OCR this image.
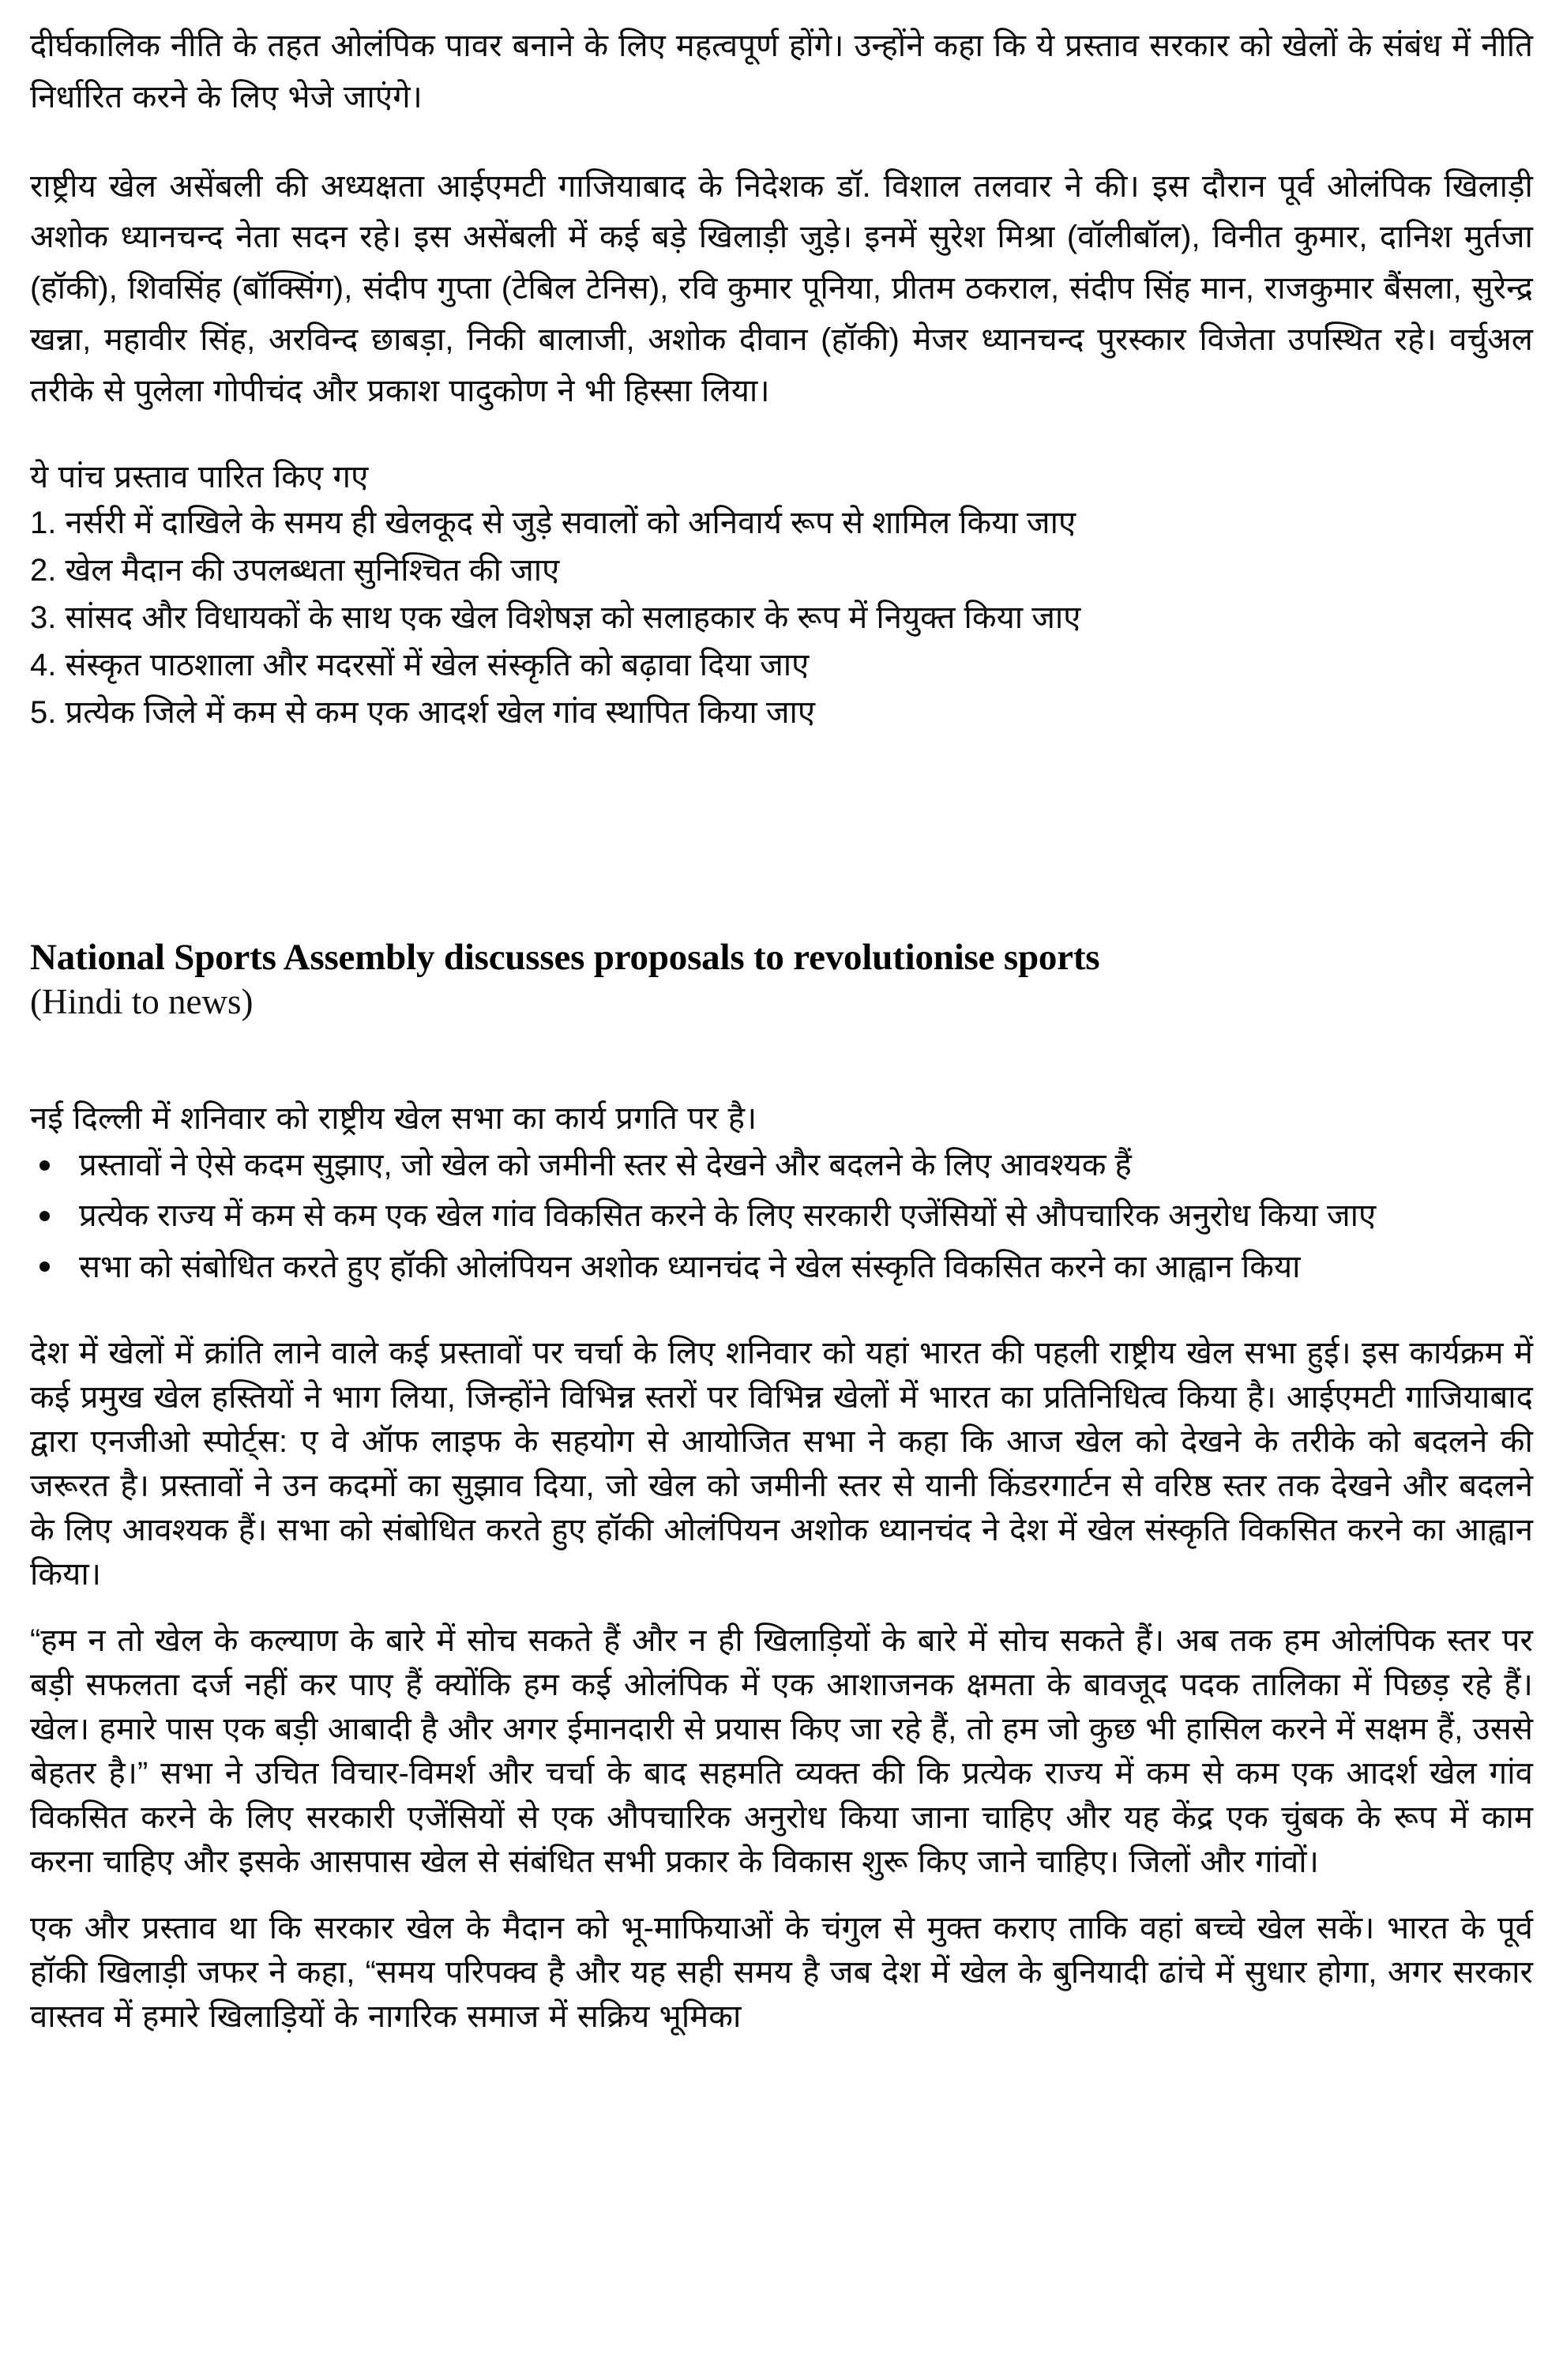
दीर्घकालिक नीति के तहत ओलंपिक पावर बनाने के लिए महत्वपूर्ण होंगे। उन्होंने कहा कि ये प्रस्ताव सरकार को खेलों के संबंध में नीति निर्धारित करने के लिए भेजे जाएंगे।

राष्ट्रीय खेल असेंबली की अध्यक्षता आईएमटी गाजियाबाद के निदेशक डॉ. विशाल तलवार ने की। इस दौरान पूर्व ओलंपिक खिलाड़ी अशोक ध्यानचन्द नेता सदन रहे। इस असेंबली में कई बड़े खिलाड़ी जुड़े। इनमें सुरेश मिश्रा (वॉलीबॉल), विनीत कुमार, दानिश मुर्तजा (हॉकी), शिवसिंह (बॉक्सिंग), संदीप गुप्ता (टेबिल टेनिस), रवि कुमार पूनिया, प्रीतम ठकराल, संदीप सिंह मान, राजकुमार बैंसला, सुरेन्द्र खन्ना, महावीर सिंह, अरविन्द छाबड़ा, निकी बालाजी, अशोक दीवान (हॉकी) मेजर ध्यानचन्द पुरस्कार विजेता उपस्थित रहे। वर्चुअल तरीके से पुलेला गोपीचंद और प्रकाश पादुकोण ने भी हिस्सा लिया।

ये पांच प्रस्ताव पारित किए गए

1. नर्सरी में दाखिले के समय ही खेलकूद से जुड़े सवालों को अनिवार्य रूप से शामिल किया जाए
2. खेल मैदान की उपलब्धता सुनिश्चित की जाए
3. सांसद और विधायकों के साथ एक खेल विशेषज्ञ को सलाहकार के रूप में नियुक्त किया जाए
4. संस्कृत पाठशाला और मदरसों में खेल संस्कृति को बढ़ावा दिया जाए
5. प्रत्येक जिले में कम से कम एक आदर्श खेल गांव स्थापित किया जाए
National Sports Assembly discusses proposals to revolutionise sports
(Hindi to news)

नई दिल्ली में शनिवार को राष्ट्रीय खेल सभा का कार्य प्रगति पर है।

प्रस्तावों ने ऐसे कदम सुझाए, जो खेल को जमीनी स्तर से देखने और बदलने के लिए आवश्यक हैं
प्रत्येक राज्य में कम से कम एक खेल गांव विकसित करने के लिए सरकारी एजेंसियों से औपचारिक अनुरोध किया जाए
सभा को संबोधित करते हुए हॉकी ओलंपियन अशोक ध्यानचंद ने खेल संस्कृति विकसित करने का आह्वान किया

देश में खेलों में क्रांति लाने वाले कई प्रस्तावों पर चर्चा के लिए शनिवार को यहां भारत की पहली राष्ट्रीय खेल सभा हुई। इस कार्यक्रम में कई प्रमुख खेल हस्तियों ने भाग लिया, जिन्होंने विभिन्न स्तरों पर विभिन्न खेलों में भारत का प्रतिनिधित्व किया है। आईएमटी गाजियाबाद द्वारा एनजीओ स्पोर्ट्स: ए वे ऑफ लाइफ के सहयोग से आयोजित सभा ने कहा कि आज खेल को देखने के तरीके को बदलने की जरूरत है। प्रस्तावों ने उन कदमों का सुझाव दिया, जो खेल को जमीनी स्तर से यानी किंडरगार्टन से वरिष्ठ स्तर तक देखने और बदलने के लिए आवश्यक हैं। सभा को संबोधित करते हुए हॉकी ओलंपियन अशोक ध्यानचंद ने देश में खेल संस्कृति विकसित करने का आह्वान किया।

“हम न तो खेल के कल्याण के बारे में सोच सकते हैं और न ही खिलाड़ियों के बारे में सोच सकते हैं। अब तक हम ओलंपिक स्तर पर बड़ी सफलता दर्ज नहीं कर पाए हैं क्योंकि हम कई ओलंपिक में एक आशाजनक क्षमता के बावजूद पदक तालिका में पिछड़ रहे हैं। खेल। हमारे पास एक बड़ी आबादी है और अगर ईमानदारी से प्रयास किए जा रहे हैं, तो हम जो कुछ भी हासिल करने में सक्षम हैं, उससे बेहतर है।” सभा ने उचित विचार-विमर्श और चर्चा के बाद सहमति व्यक्त की कि प्रत्येक राज्य में कम से कम एक आदर्श खेल गांव विकसित करने के लिए सरकारी एजेंसियों से एक औपचारिक अनुरोध किया जाना चाहिए और यह केंद्र एक चुंबक के रूप में काम करना चाहिए और इसके आसपास खेल से संबंधित सभी प्रकार के विकास शुरू किए जाने चाहिए। जिलों और गांवों।

एक और प्रस्ताव था कि सरकार खेल के मैदान को भू-माफियाओं के चंगुल से मुक्त कराए ताकि वहां बच्चे खेल सकें। भारत के पूर्व हॉकी खिलाड़ी जफर ने कहा, “समय परिपक्व है और यह सही समय है जब देश में खेल के बुनियादी ढांचे में सुधार होगा, अगर सरकार वास्तव में हमारे खिलाड़ियों के नागरिक समाज में सक्रिय भूमिका
